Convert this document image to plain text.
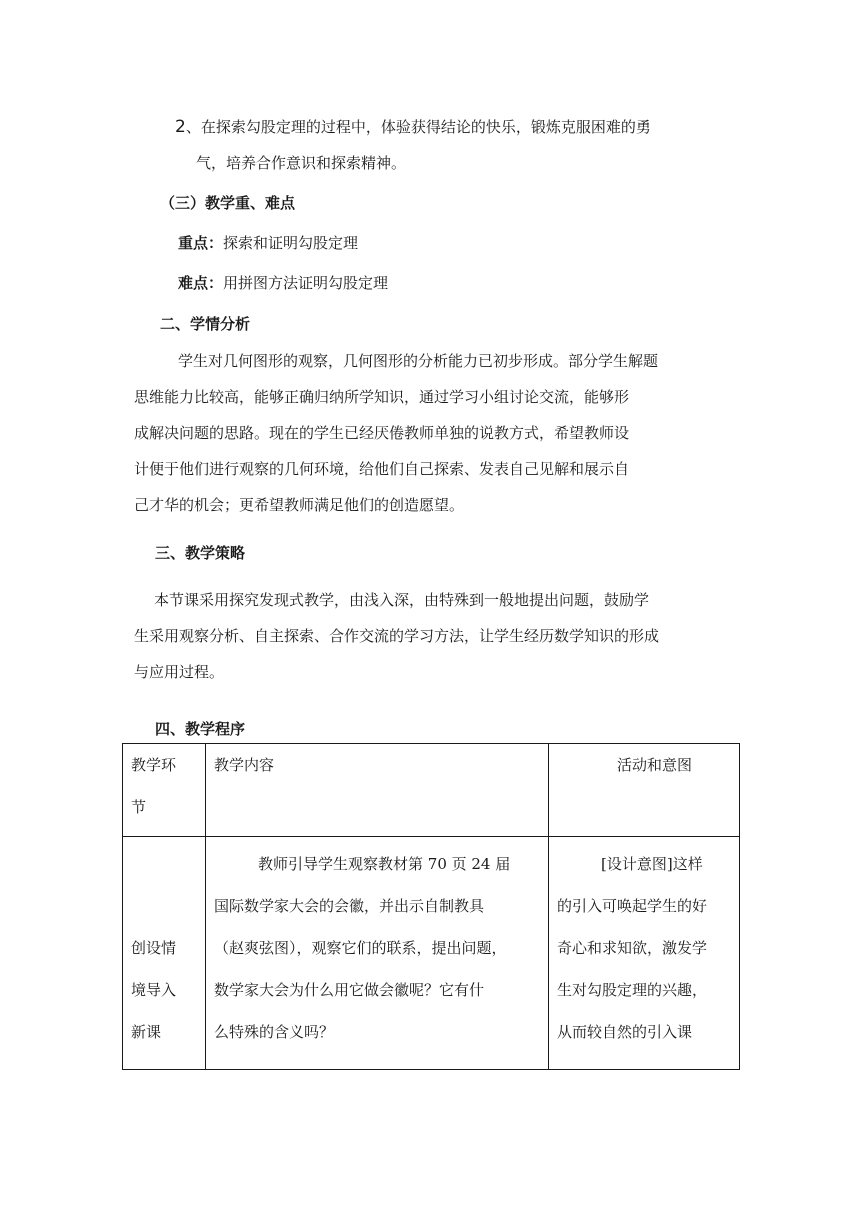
2、在探索勾股定理的过程中，体验获得结论的快乐，锻炼克服困难的勇
气，培养合作意识和探索精神。
（三）教学重、难点
重点：探索和证明勾股定理
难点：用拼图方法证明勾股定理
二、学情分析
学生对几何图形的观察，几何图形的分析能力已初步形成。部分学生解题
思维能力比较高，能够正确归纳所学知识，通过学习小组讨论交流，能够形
成解决问题的思路。现在的学生已经厌倦教师单独的说教方式，希望教师设
计便于他们进行观察的几何环境，给他们自己探索、发表自己见解和展示自
己才华的机会；更希望教师满足他们的创造愿望。
三、教学策略
本节课采用探究发现式教学，由浅入深，由特殊到一般地提出问题，鼓励学
生采用观察分析、自主探索、合作交流的学习方法，让学生经历数学知识的形成
与应用过程。
四、教学程序
教学环
节	教学内容	活动和意图

创设情
境导入
新课	教师引导学生观察教材第 70 页 24 届
国际数学家大会的会徽，并出示自制教具
（赵爽弦图），观察它们的联系，提出问题，
数学家大会为什么用它做会徽呢？它有什
么特殊的含义吗？	[设计意图]这样
的引入可唤起学生的好
奇心和求知欲，激发学
生对勾股定理的兴趣，
从而较自然的引入课
